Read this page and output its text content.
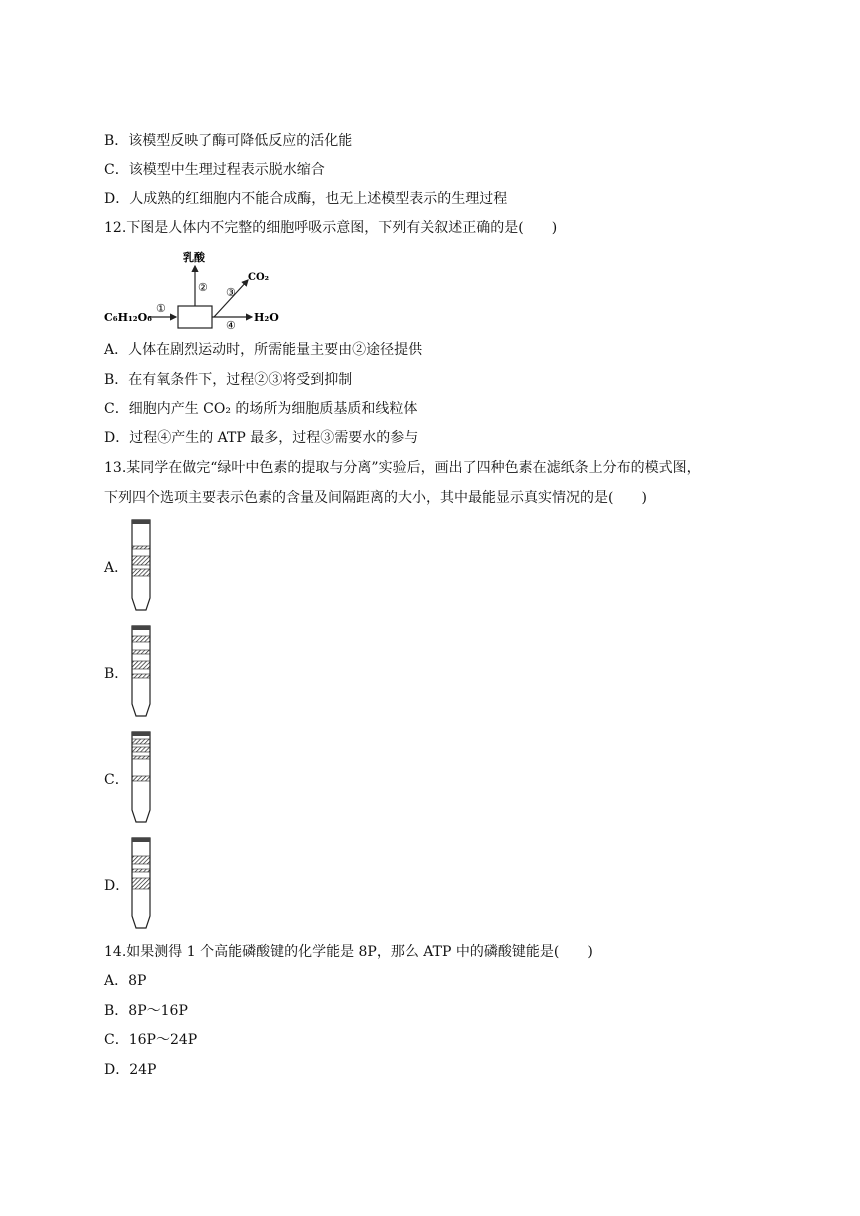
B．该模型反映了酶可降低反应的活化能
C．该模型中生理过程表示脱水缩合
D．人成熟的红细胞内不能合成酶，也无上述模型表示的生理过程
12.下图是人体内不完整的细胞呼吸示意图，下列有关叙述正确的是(　　)
C₆H₁₂O₆
①
乳酸
②
CO₂
③
H₂O
④
A．人体在剧烈运动时，所需能量主要由②途径提供
B．在有氧条件下，过程②③将受到抑制
C．细胞内产生 CO₂ 的场所为细胞质基质和线粒体
D．过程④产生的 ATP 最多，过程③需要水的参与
13.某同学在做完“绿叶中色素的提取与分离”实验后，画出了四种色素在滤纸条上分布的模式图，
下列四个选项主要表示色素的含量及间隔距离的大小，其中最能显示真实情况的是(　　)
A．
B．
C．
D．
14.如果测得 1 个高能磷酸键的化学能是 8P，那么 ATP 中的磷酸键能是(　　)
A．8P
B．8P～16P
C．16P～24P
D．24P
